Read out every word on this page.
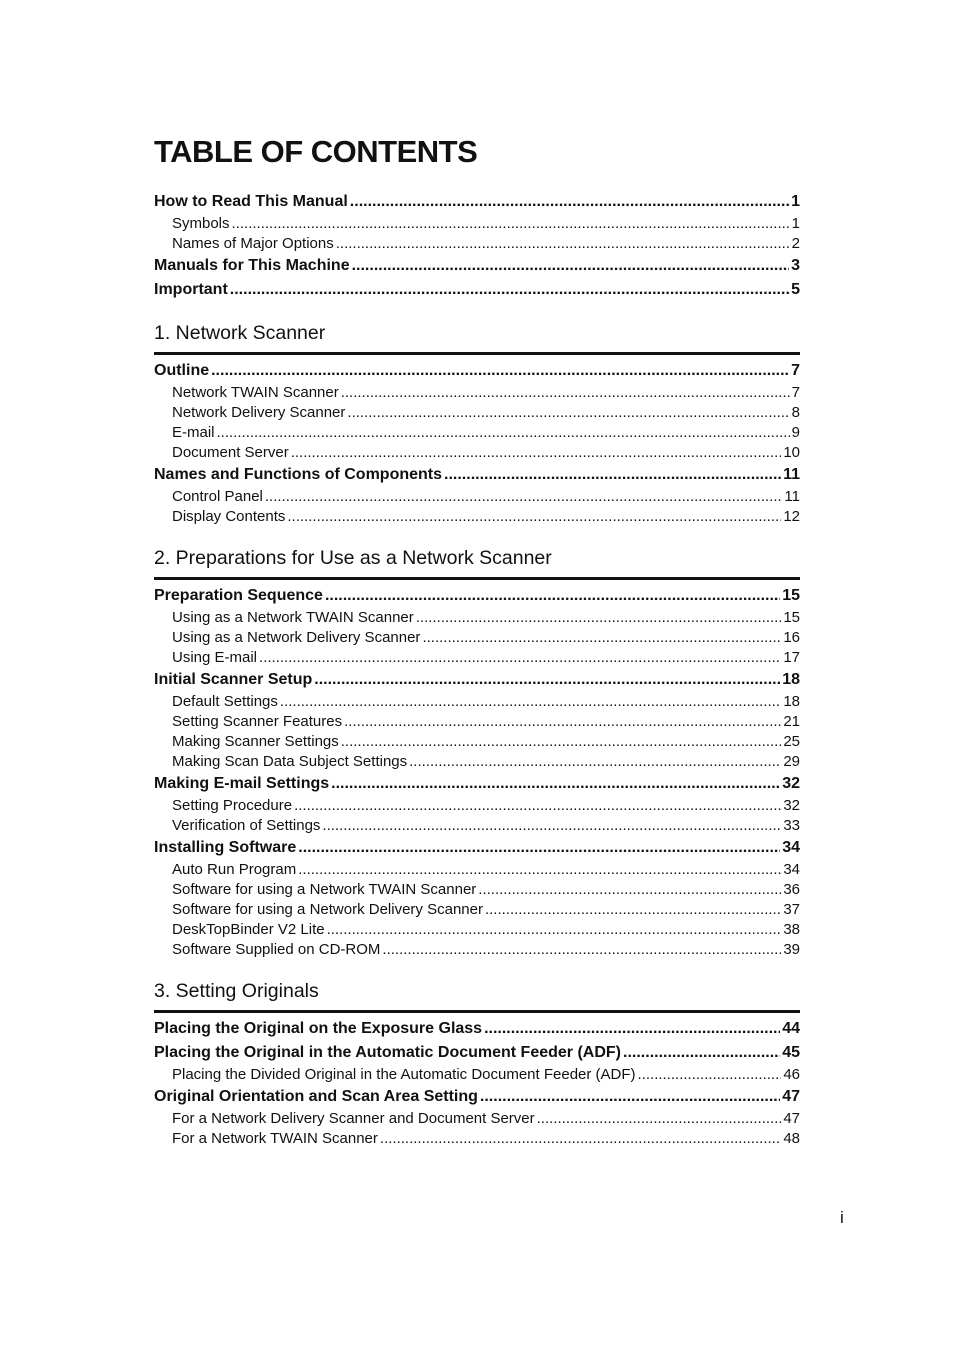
TABLE OF CONTENTS
How to Read This Manual .....	1
Symbols .....	1
Names of Major Options .....	2
Manuals for This Machine .....	3
Important .....	5
1. Network Scanner
Outline .....	7
Network TWAIN Scanner .....	7
Network Delivery Scanner .....	8
E-mail .....	9
Document Server .....	10
Names and Functions of Components .....	11
Control Panel .....	11
Display Contents .....	12
2. Preparations for Use as a Network Scanner
Preparation Sequence .....	15
Using as a Network TWAIN Scanner .....	15
Using as a Network Delivery Scanner .....	16
Using E-mail .....	17
Initial Scanner Setup .....	18
Default Settings .....	18
Setting Scanner Features .....	21
Making Scanner Settings .....	25
Making Scan Data Subject Settings .....	29
Making E-mail Settings .....	32
Setting Procedure .....	32
Verification of Settings .....	33
Installing Software .....	34
Auto Run Program .....	34
Software for using a Network TWAIN Scanner .....	36
Software for using a Network Delivery Scanner .....	37
DeskTopBinder V2 Lite .....	38
Software Supplied on CD-ROM .....	39
3. Setting Originals
Placing the Original on the Exposure Glass .....	44
Placing the Original in the Automatic Document Feeder (ADF) .....	45
Placing the Divided Original in the Automatic Document Feeder (ADF) .....	46
Original Orientation and Scan Area Setting .....	47
For a Network Delivery Scanner and Document Server .....	47
For a Network TWAIN Scanner .....	48
i
